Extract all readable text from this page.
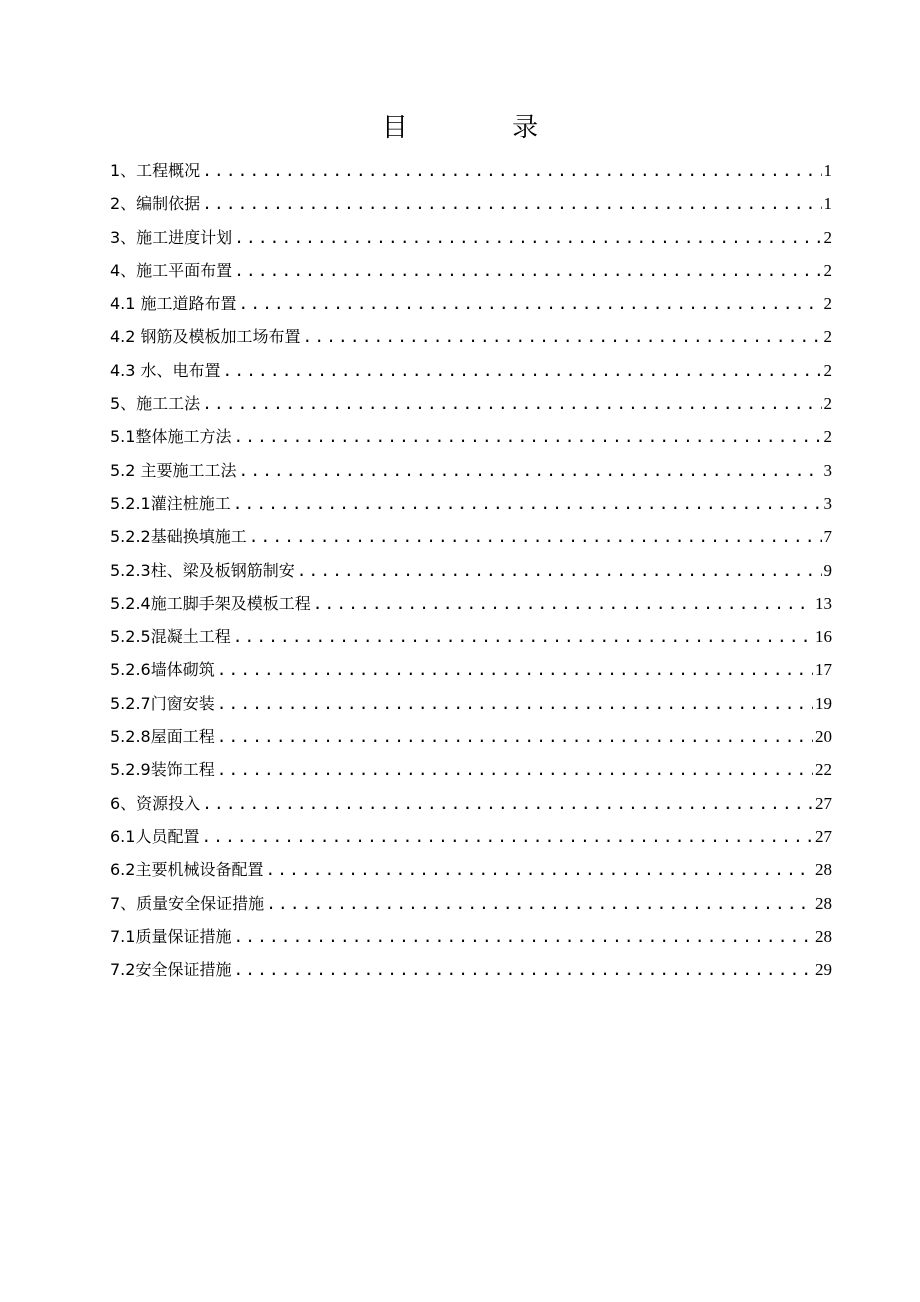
目 录
1、工程概况 .....	1
2、编制依据 .....	1
3、施工进度计划 .....	2
4、施工平面布置 .....	2
4.1 施工道路布置 .....	2
4.2 钢筋及模板加工场布置 .....	2
4.3 水、电布置 .....	2
5、施工工法 .....	2
5.1整体施工方法 .....	2
5.2 主要施工工法 .....	3
5.2.1灌注桩施工 .....	3
5.2.2基础换填施工 .....	7
5.2.3柱、梁及板钢筋制安 .....	9
5.2.4施工脚手架及模板工程 .....	13
5.2.5混凝土工程 .....	16
5.2.6墙体砌筑 .....	17
5.2.7门窗安装 .....	19
5.2.8屋面工程 .....	20
5.2.9装饰工程 .....	22
6、资源投入 .....	27
6.1人员配置 .....	27
6.2主要机械设备配置 .....	28
7、质量安全保证措施 .....	28
7.1质量保证措施 .....	28
7.2安全保证措施 .....	29
